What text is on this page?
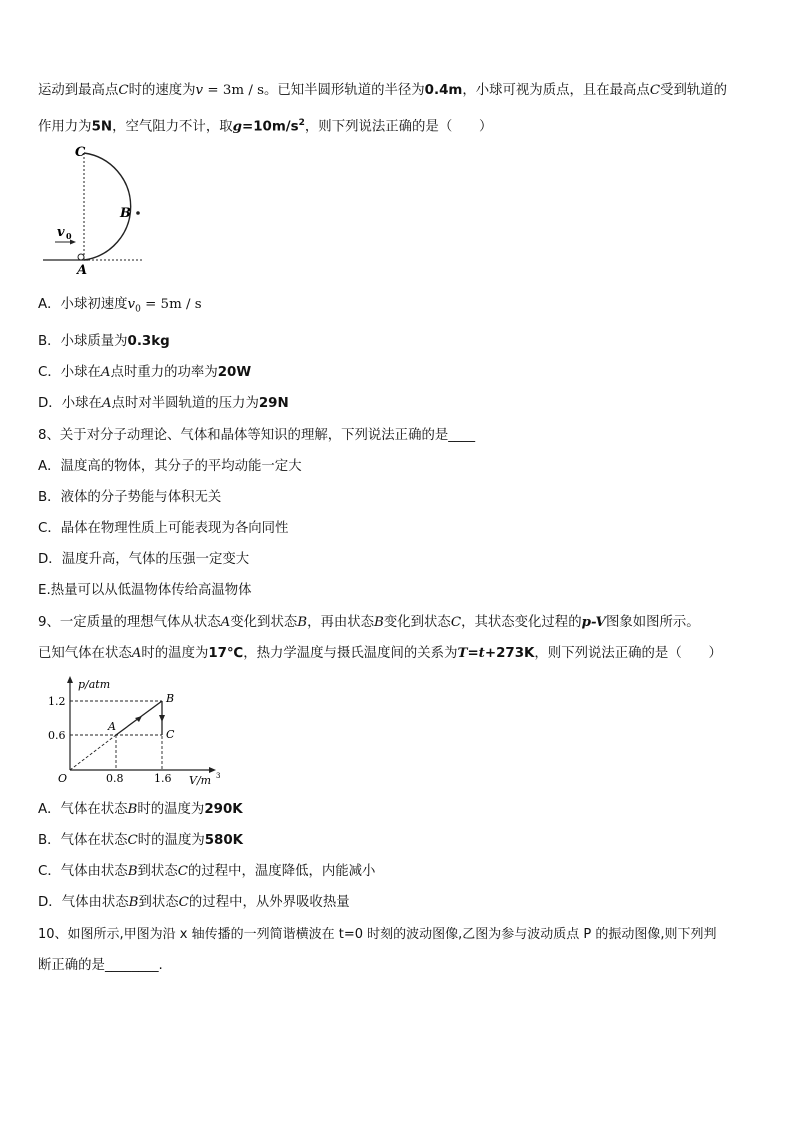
运动到最高点C时的速度为v = 3m / s。已知半圆形轨道的半径为0.4m，小球可视为质点，且在最高点C受到轨道的
作用力为5N，空气阻力不计，取$g=10m/s^2$，则下列说法正确的是（　　）
C
B
A
v 0
A．小球初速度$v_0 = 5m / s$
B．小球质量为0.3kg
C．小球在A点时重力的功率为20W
D．小球在A点时对半圆轨道的压力为29N
8、关于对分子动理论、气体和晶体等知识的理解，下列说法正确的是____
A．温度高的物体，其分子的平均动能一定大
B．液体的分子势能与体积无关
C．晶体在物理性质上可能表现为各向同性
D．温度升高，气体的压强一定变大
E.热量可以从低温物体传给高温物体
9、一定质量的理想气体从状态A变化到状态B，再由状态B变化到状态C，其状态变化过程的p-V图象如图所示。
已知气体在状态A时的温度为17℃，热力学温度与摄氏温度间的关系为T=t+273K，则下列说法正确的是（　　）
p/atm
V/m 3
O
1.2
0.6
0.8	1.6
A
B
C
A．气体在状态B时的温度为290K
B．气体在状态C时的温度为580K
C．气体由状态B到状态C的过程中，温度降低，内能减小
D．气体由状态B到状态C的过程中，从外界吸收热量
10、如图所示,甲图为沿 x 轴传播的一列简谐横波在 t=0 时刻的波动图像,乙图为参与波动质点 P 的振动图像,则下列判
断正确的是________.
